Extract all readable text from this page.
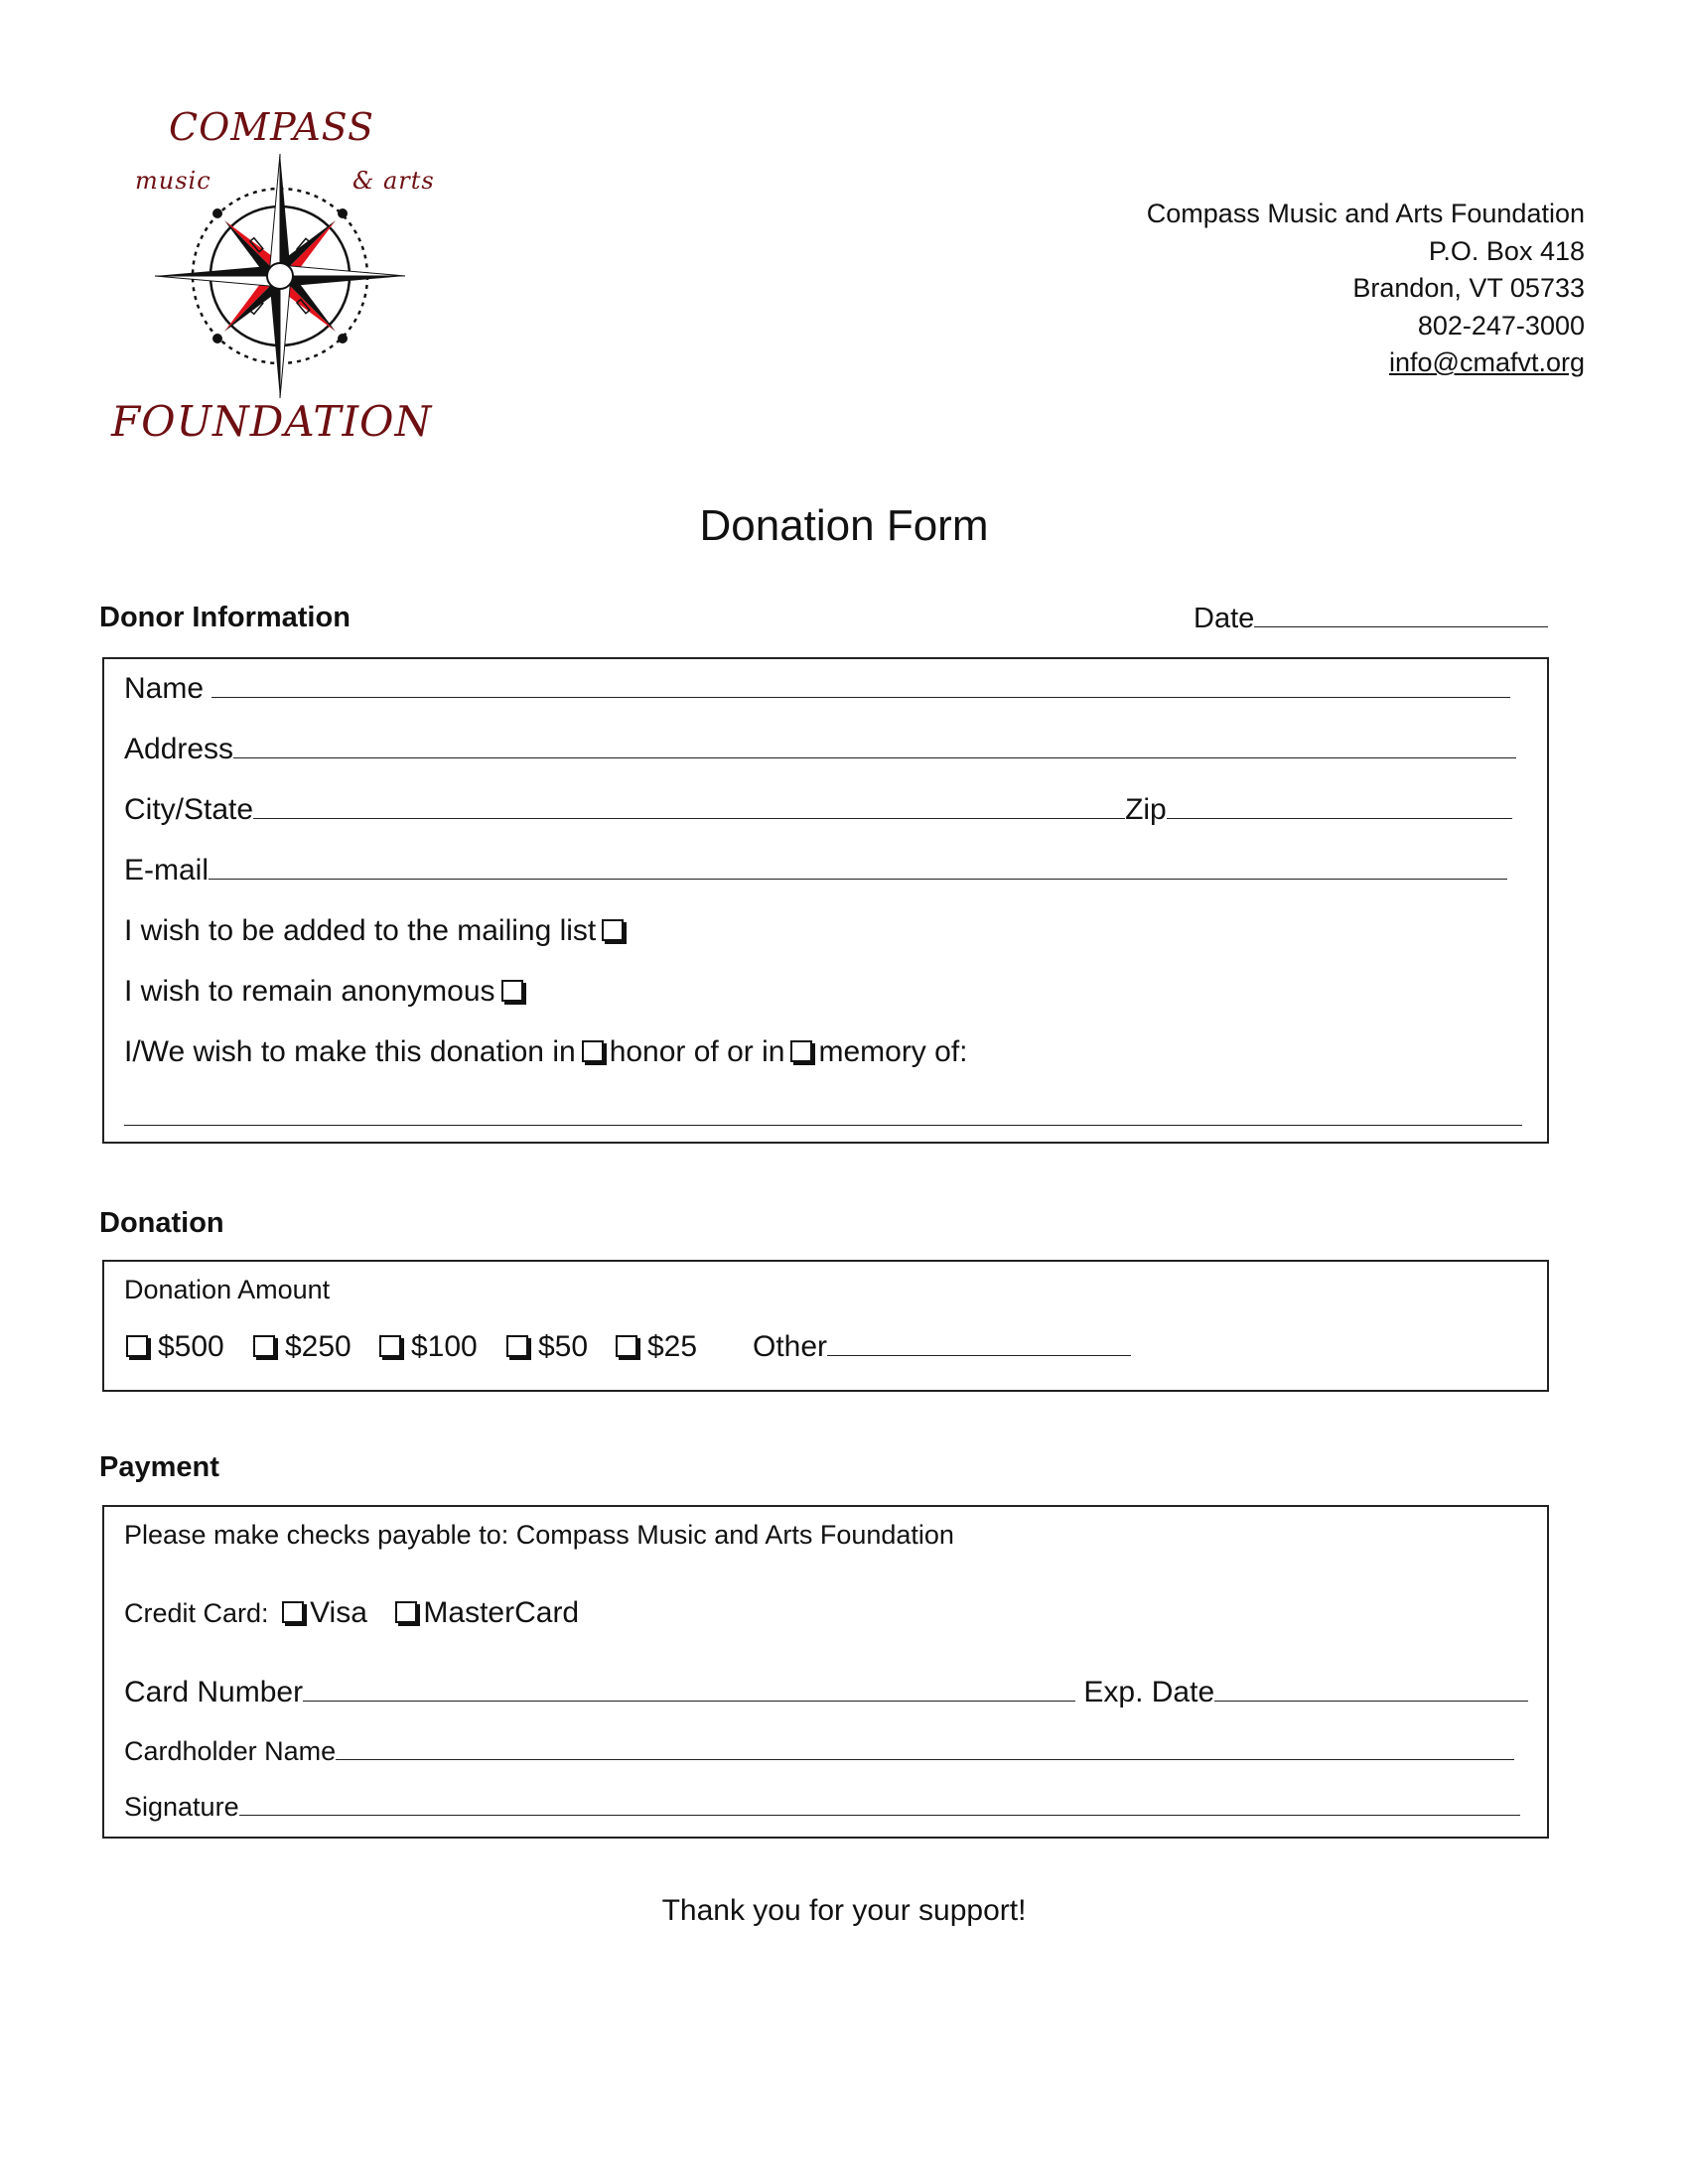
COMPASS
music	& arts
FOUNDATION
Compass Music and Arts Foundation
P.O. Box 418
Brandon, VT 05733
802-247-3000
info@cmafvt.org
Donation Form
Donor Information	Date
Name
Address
City/State	Zip
E-mail
I wish to be added to the mailing list
I wish to remain anonymous
I/We wish to make this donation in honor of or in memory of:
Donation
Donation Amount
$500	$250	$100	$50	$25 Other
Payment
Please make checks payable to: Compass Music and Arts Foundation
Credit Card: Visa MasterCard
Card Number	Exp. Date
Cardholder Name
Signature
Thank you for your support!
